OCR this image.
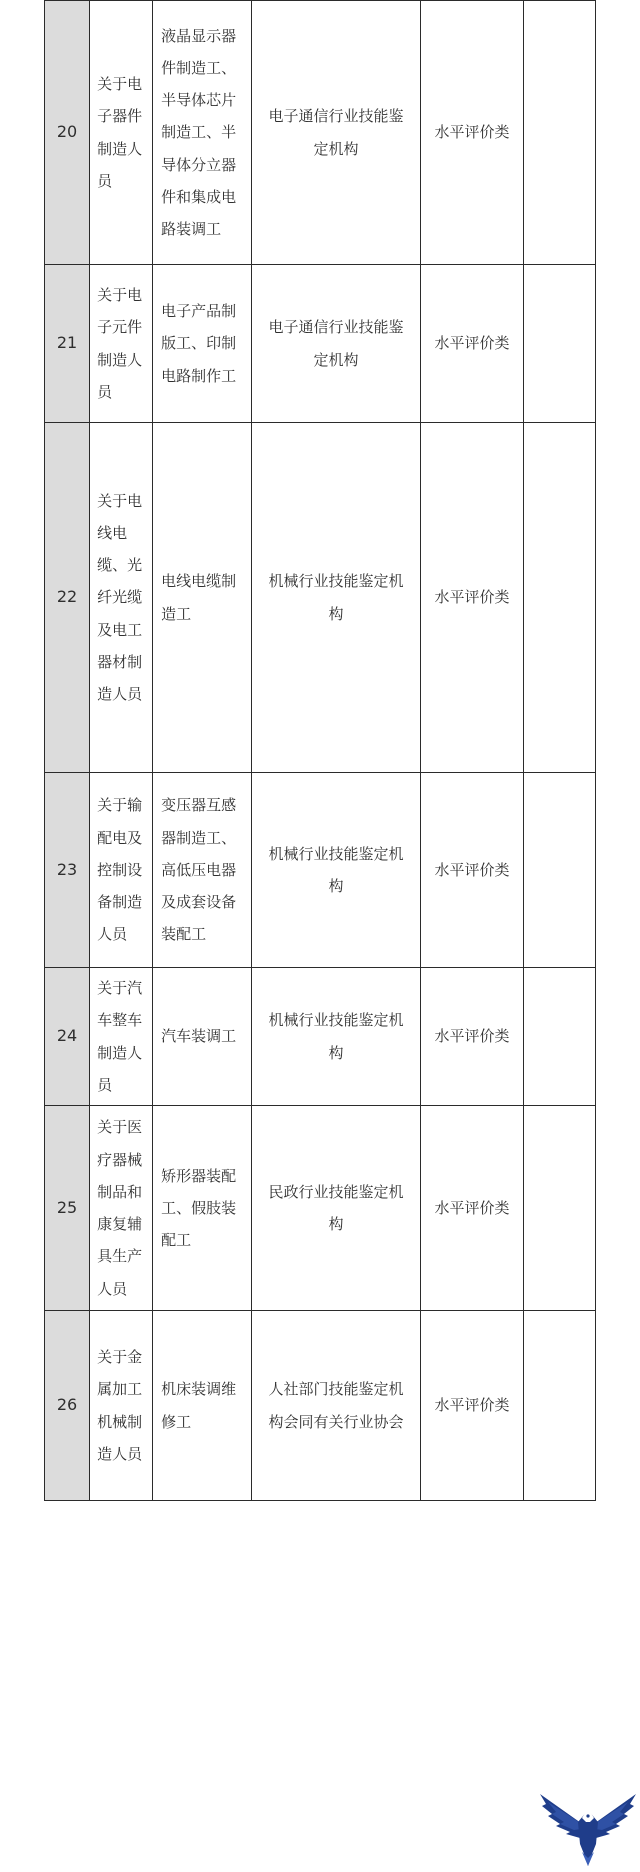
20	关于电子器件制造人员	液晶显示器件制造工、半导体芯片制造工、半导体分立器件和集成电路装调工	电子通信行业技能鉴定机构	水平评价类	
21	关于电子元件制造人员	电子产品制版工、印制电路制作工	电子通信行业技能鉴定机构	水平评价类	
22	关于电线电缆、光纤光缆及电工器材制造人员	电线电缆制造工	机械行业技能鉴定机构	水平评价类	
23	关于输配电及控制设备制造人员	变压器互感器制造工、高低压电器及成套设备装配工	机械行业技能鉴定机构	水平评价类	
24	关于汽车整车制造人员	汽车装调工	机械行业技能鉴定机构	水平评价类	
25	关于医疗器械制品和康复辅具生产人员	矫形器装配工、假肢装配工	民政行业技能鉴定机构	水平评价类	
26	关于金属加工机械制造人员	机床装调维修工	人社部门技能鉴定机构会同有关行业协会	水平评价类	
